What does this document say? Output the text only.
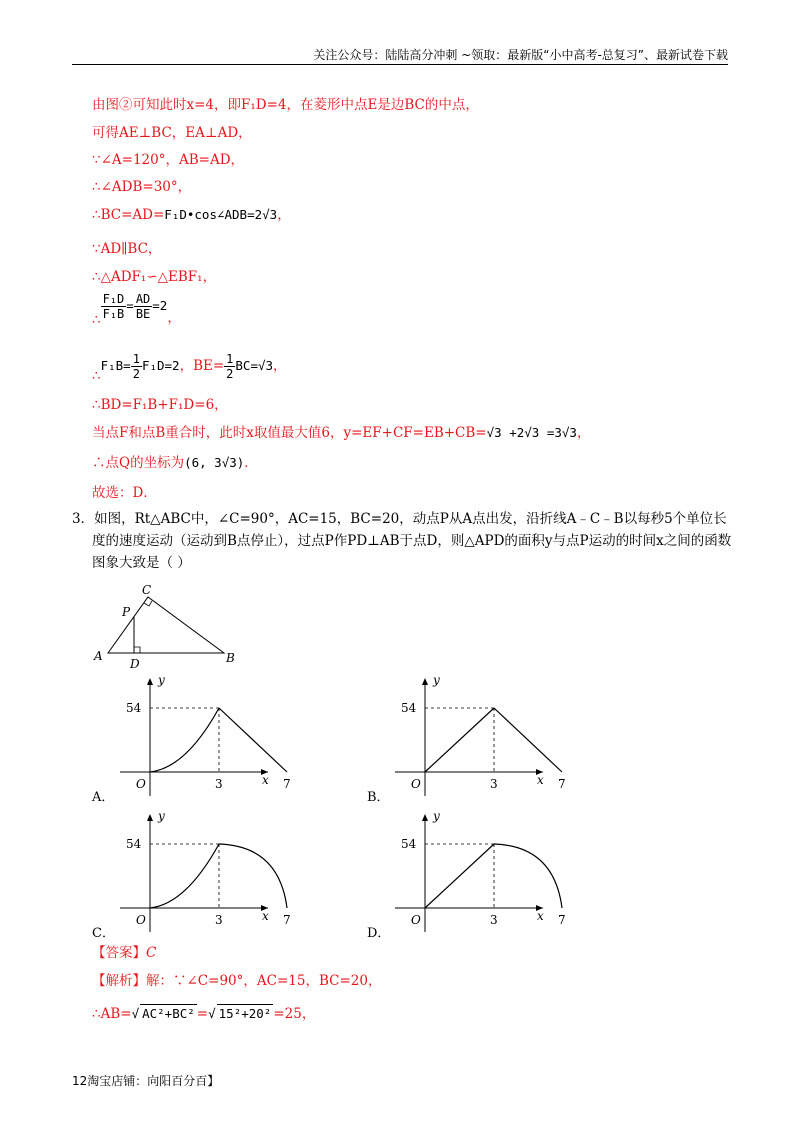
关注公众号：陆陆高分冲刺 ~领取：最新版“小中高考-总复习”、最新试卷下载
由图②可知此时x=4，即F₁D=4，在菱形中点E是边BC的中点，
可得AE⊥BC，EA⊥AD，
∵∠A=120°，AB=AD，
∴∠ADB=30°，
∴BC=AD=F₁D•cos∠ADB=2√3，
∵AD∥BC，
∴△ADF₁∽△EBF₁，
∴ $\frac{\text{F₁D}}{\text{F₁B}} = \frac{AD}{BE} =2$，
∴F₁B= $\frac{1}{2} F_1D=2$，$BE= \frac{1}{2} BC=√3$，
∴BD=F₁B+F₁D=6，
当点F和点B重合时，此时x取值最大值6，y=EF+CF=EB+CB=√3 +2√3 =3√3，
∴点Q的坐标为(6, 3√3)．
故选：D．
3．如图，Rt△ABC中，∠C=90°，AC=15，BC=20，动点P从A点出发，沿折线A﹣C﹣B以每秒5个单位长度的速度运动（运动到B点停止），过点P作PD⊥AB于点D，则△APD的面积y与点P运动的时间x之间的函数图象大致是（ ）
A	B
C
P
D
54
3	7
O	x
y
A．
54
3	7
O	x
y
B．
54
3	7
O	x
y
C．
54
3	7
O	x
y
D．
【答案】C
【解析】解：∵∠C=90°，AC=15，BC=20，
∴AB=√ AC²+BC² =√ 15²+20² =25，
12淘宝店铺：向阳百分百】
